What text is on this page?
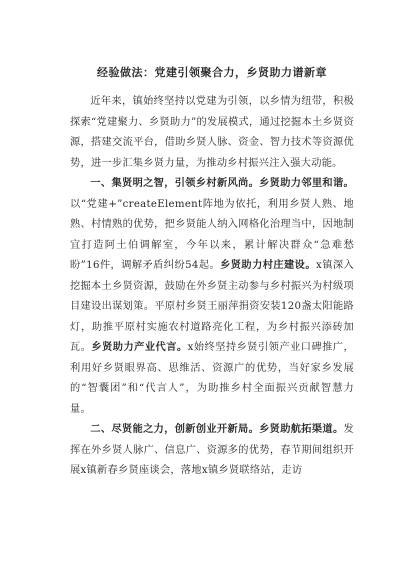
经验做法：党建引领聚合力，乡贤助力谱新章

近年来，镇始终坚持以党建为引领，以乡情为纽带，积极探索“党建聚力、乡贤助力”的发展模式，通过挖掘本土乡贤资源，搭建交流平台，借助乡贤人脉、资金、智力技术等资源优势，进一步汇集乡贤力量，为推动乡村振兴注入强大动能。

一、集贤明之智，引领乡村新风尚。乡贤助力邻里和谐。以“党建+”createElement阵地为依托，利用乡贤人熟、地熟、村情熟的优势，把乡贤能人纳入网格化治理当中，因地制宜打造阿土伯调解室，今年以来，累计解决群众“急难愁盼”16件，调解矛盾纠纷54起。乡贤助力村庄建设。x镇深入挖掘本土乡贤资源，鼓励在外乡贤主动参与乡村振兴为村级项目建设出谋划策。平原村乡贤王丽萍捐资安装120盏太阳能路灯，助推平原村实施农村道路亮化工程，为乡村振兴添砖加瓦。乡贤助力产业代言。x始终坚持乡贤引领产业口碑推广，利用好乡贤眼界高、思维活、资源广的优势，当好家乡发展的“智囊团”和“代言人”，为助推乡村全面振兴贡献智慧力量。

二、尽贤能之力，创新创业开新局。乡贤助航拓渠道。发挥在外乡贤人脉广、信息广、资源多的优势，春节期间组织开展x镇新春乡贤座谈会，落地x镇乡贤联络站，走访
